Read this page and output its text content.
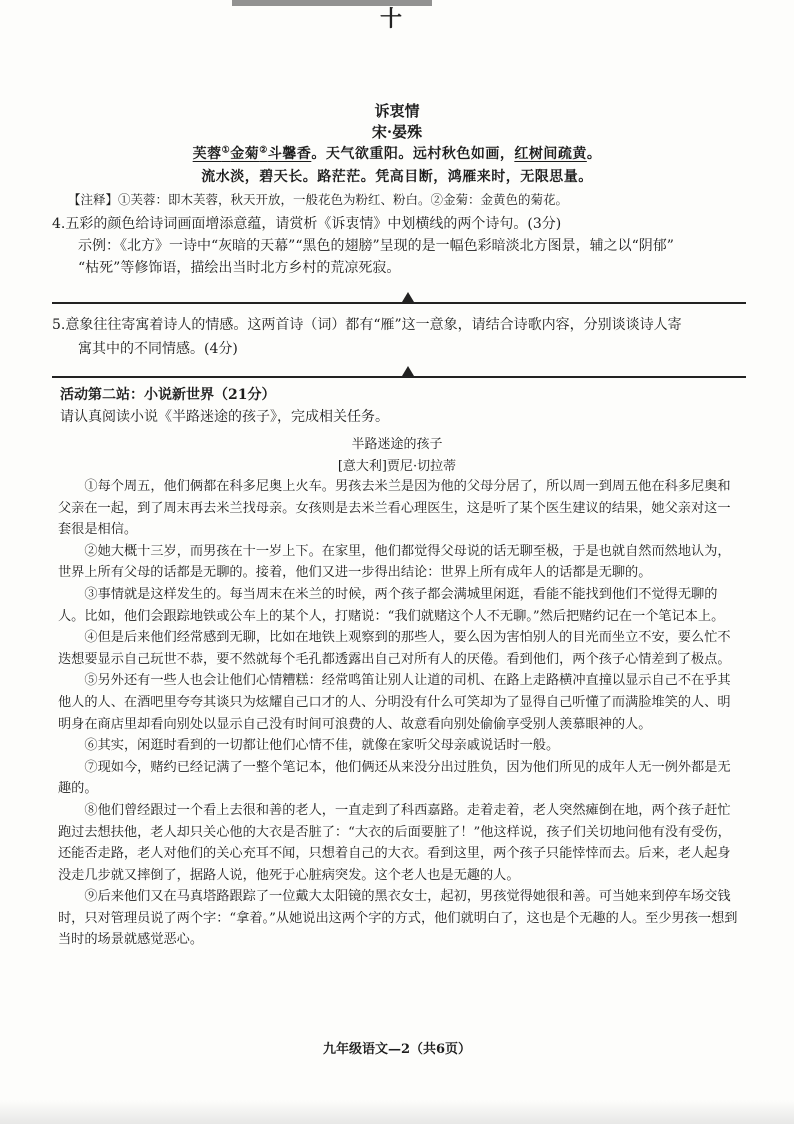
十
诉衷情
宋·晏殊
芙蓉①金菊②斗馨香。天气欲重阳。远村秋色如画，红树间疏黄。
流水淡，碧天长。路茫茫。凭高目断，鸿雁来时，无限思量。
【注释】①芙蓉：即木芙蓉，秋天开放，一般花色为粉红、粉白。②金菊：金黄色的菊花。
4.五彩的颜色给诗词画面增添意蕴，请赏析《诉衷情》中划横线的两个诗句。(3分)
示例：《北方》一诗中“灰暗的天幕”“黑色的翅膀”呈现的是一幅色彩暗淡北方图景，辅之以“阴郁”
“枯死”等修饰语，描绘出当时北方乡村的荒凉死寂。
5.意象往往寄寓着诗人的情感。这两首诗（词）都有“雁”这一意象，请结合诗歌内容，分别谈谈诗人寄
寓其中的不同情感。(4分)
活动第二站：小说新世界（21分）
请认真阅读小说《半路迷途的孩子》，完成相关任务。
半路迷途的孩子
[意大利]贾尼·切拉蒂

①每个周五，他们俩都在科多尼奥上火车。男孩去米兰是因为他的父母分居了，所以周一到周五他在科多尼奥和父亲在一起，到了周末再去米兰找母亲。女孩则是去米兰看心理医生，这是听了某个医生建议的结果，她父亲对这一套很是相信。

②她大概十三岁，而男孩在十一岁上下。在家里，他们都觉得父母说的话无聊至极，于是也就自然而然地认为，世界上所有父母的话都是无聊的。接着，他们又进一步得出结论：世界上所有成年人的话都是无聊的。

③事情就是这样发生的。每当周末在米兰的时候，两个孩子都会满城里闲逛，看能不能找到他们不觉得无聊的人。比如，他们会跟踪地铁或公车上的某个人，打赌说：“我们就赌这个人不无聊。”然后把赌约记在一个笔记本上。

④但是后来他们经常感到无聊，比如在地铁上观察到的那些人，要么因为害怕别人的目光而坐立不安，要么忙不迭想要显示自己玩世不恭，要不然就每个毛孔都透露出自己对所有人的厌倦。看到他们，两个孩子心情差到了极点。

⑤另外还有一些人也会让他们心情糟糕：经常鸣笛让别人让道的司机、在路上走路横冲直撞以显示自己不在乎其他人的人、在酒吧里夸夸其谈只为炫耀自己口才的人、分明没有什么可笑却为了显得自己听懂了而满脸堆笑的人、明明身在商店里却看向别处以显示自己没有时间可浪费的人、故意看向别处偷偷享受别人羡慕眼神的人。

⑥其实，闲逛时看到的一切都让他们心情不佳，就像在家听父母亲戚说话时一般。

⑦现如今，赌约已经记满了一整个笔记本，他们俩还从来没分出过胜负，因为他们所见的成年人无一例外都是无趣的。

⑧他们曾经跟过一个看上去很和善的老人，一直走到了科西嘉路。走着走着，老人突然瘫倒在地，两个孩子赶忙跑过去想扶他，老人却只关心他的大衣是否脏了：“大衣的后面要脏了！”他这样说，孩子们关切地问他有没有受伤，还能否走路，老人对他们的关心充耳不闻，只想着自己的大衣。看到这里，两个孩子只能悻悻而去。后来，老人起身没走几步就又摔倒了，据路人说，他死于心脏病突发。这个老人也是无趣的人。

⑨后来他们又在马真塔路跟踪了一位戴大太阳镜的黑衣女士，起初，男孩觉得她很和善。可当她来到停车场交钱时，只对管理员说了两个字：“拿着。”从她说出这两个字的方式，他们就明白了，这也是个无趣的人。至少男孩一想到当时的场景就感觉恶心。

九年级语文—2（共6页）
